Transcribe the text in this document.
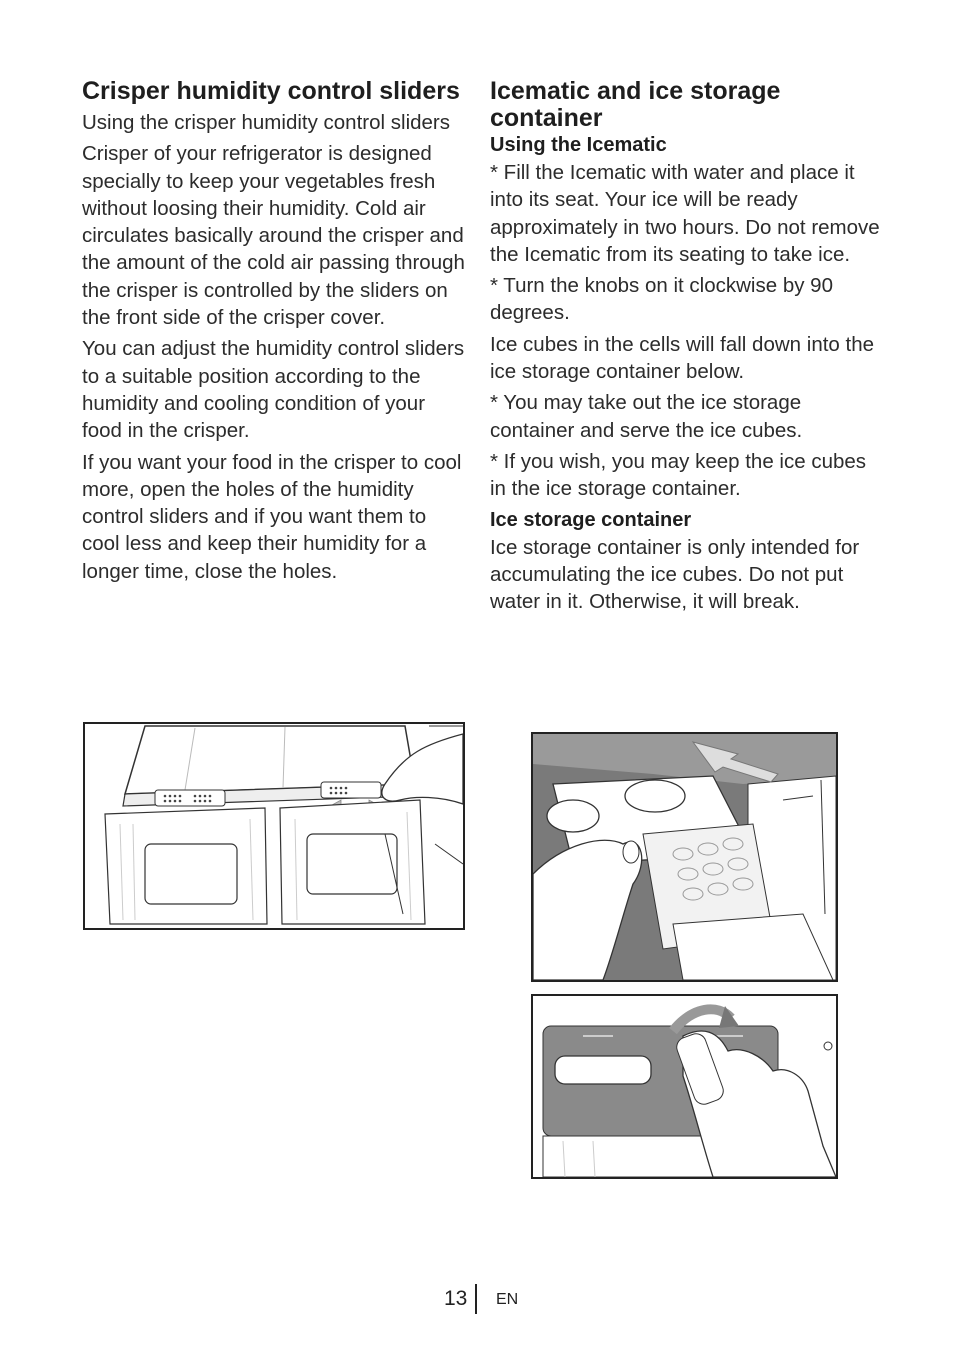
Crisper humidity control sliders

Using the crisper humidity control sliders

Crisper of your refrigerator is designed specially to keep your vegetables fresh without loosing their humidity. Cold air circulates basically around the crisper and the amount of the cold air passing through the crisper is controlled by the sliders on the front side of the crisper cover.

You can adjust the humidity control sliders to a suitable position according to the humidity and cooling condition of your food in the crisper.

If you want your food in the crisper to cool more, open the holes of the humidity control sliders and if you want them to cool less and keep their humidity for a longer time, close the holes.

Icematic and ice storage container
Using the Icematic

* Fill the Icematic with water and place it into its seat. Your ice will be ready approximately in two hours. Do not remove the Icematic from its seating to take ice.

* Turn the knobs on it clockwise by 90 degrees.

Ice cubes in the cells will fall down into the ice storage container below.

* You may take out the ice storage container and serve the ice cubes.

* If you wish, you may keep the ice cubes in the ice storage container.

Ice storage container

Ice storage container is only intended for accumulating the ice cubes. Do not put water in it. Otherwise, it will break.

13 EN
